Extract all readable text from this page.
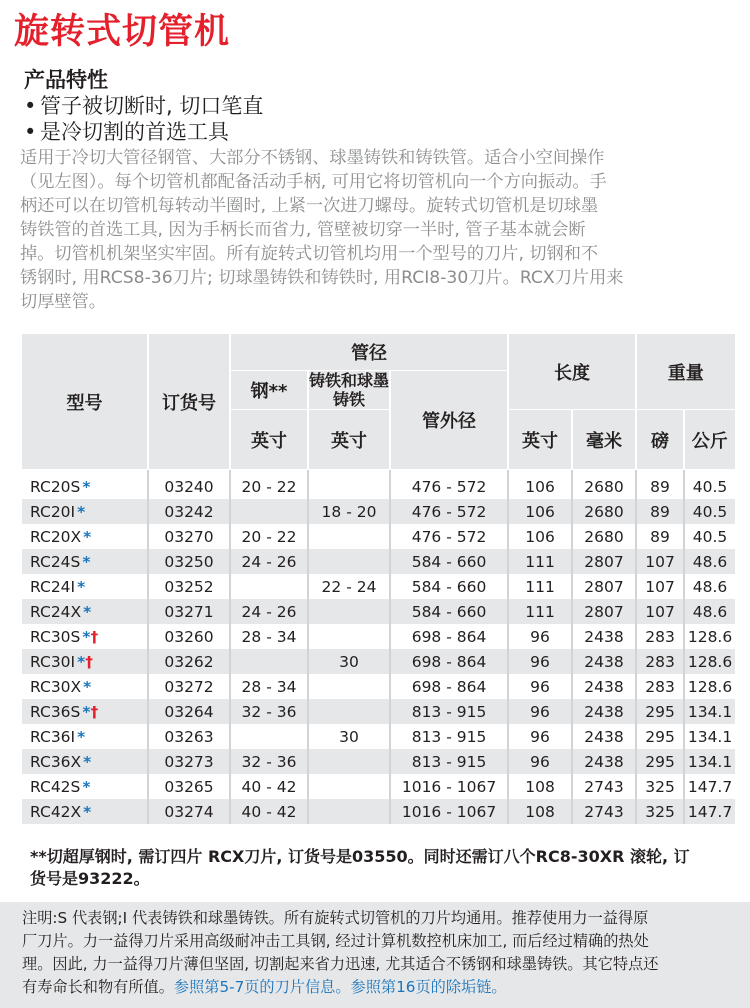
旋转式切管机
产品特性
• 管子被切断时, 切口笔直
• 是冷切割的首选工具
适用于冷切大管径钢管、大部分不锈钢、球墨铸铁和铸铁管。适合小空间操作
（见左图）。每个切管机都配备活动手柄, 可用它将切管机向一个方向振动。手
柄还可以在切管机每转动半圈时, 上紧一次进刀螺母。旋转式切管机是切球墨
铸铁管的首选工具, 因为手柄长而省力, 管壁被切穿一半时, 管子基本就会断
掉。切管机机架坚实牢固。所有旋转式切管机均用一个型号的刀片, 切钢和不
锈钢时, 用RCS8-36刀片; 切球墨铸铁和铸铁时, 用RCI8-30刀片。RCX刀片用来
切厚壁管。
型号	订货号	管径			长度		重量	
		钢**	铸铁和球墨铸铁	管外径				
		英寸	英寸		英寸	毫米	磅	公斤
RC20S *	03240	20 - 22		476 - 572	106	2680	89	40.5
RC20I *	03242		18 - 20	476 - 572	106	2680	89	40.5
RC20X *	03270	20 - 22		476 - 572	106	2680	89	40.5
RC24S *	03250	24 - 26		584 - 660	111	2807	107	48.6
RC24I *	03252		22 - 24	584 - 660	111	2807	107	48.6
RC24X *	03271	24 - 26		584 - 660	111	2807	107	48.6
RC30S *†	03260	28 - 34		698 - 864	96	2438	283	128.6
RC30I *†	03262		30	698 - 864	96	2438	283	128.6
RC30X *	03272	28 - 34		698 - 864	96	2438	283	128.6
RC36S *†	03264	32 - 36		813 - 915	96	2438	295	134.1
RC36I *	03263		30	813 - 915	96	2438	295	134.1
RC36X *	03273	32 - 36		813 - 915	96	2438	295	134.1
RC42S *	03265	40 - 42		1016 - 1067	108	2743	325	147.7
RC42X *	03274	40 - 42		1016 - 1067	108	2743	325	147.7
**切超厚钢时, 需订四片 RCX刀片, 订货号是03550。同时还需订八个RC8-30XR 滚轮, 订
货号是93222。
注明:S 代表钢;I 代表铸铁和球墨铸铁。所有旋转式切管机的刀片均通用。推荐使用力一益得原
厂刀片。力一益得刀片采用高级耐冲击工具钢, 经过计算机数控机床加工, 而后经过精确的热处
理。因此, 力一益得刀片薄但坚固, 切割起来省力迅速, 尤其适合不锈钢和球墨铸铁。其它特点还
有寿命长和物有所值。参照第5-7页的刀片信息。参照第16页的除垢链。
